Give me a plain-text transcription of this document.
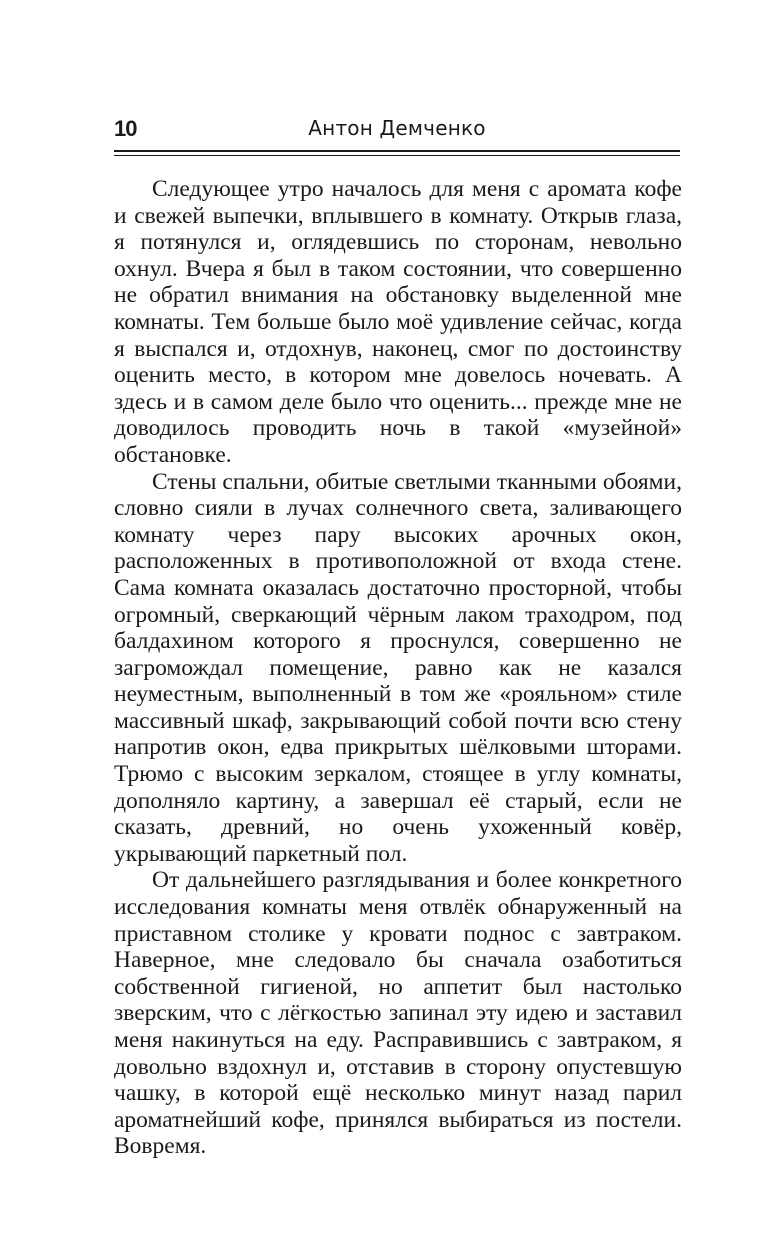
10	Антон Демченко

Следующее утро началось для меня с аромата кофе и свежей выпечки, вплывшего в комнату. Открыв глаза, я потянулся и, оглядевшись по сторонам, невольно охнул. Вчера я был в таком состоянии, что совершенно не обратил внимания на обстановку выделенной мне комнаты. Тем больше было моё удивление сейчас, когда я выспался и, отдохнув, наконец, смог по достоинству оценить место, в котором мне довелось ночевать. А здесь и в самом деле было что оценить... прежде мне не доводилось проводить ночь в такой «музейной» обстановке.

Стены спальни, обитые светлыми тканными обоями, словно сияли в лучах солнечного света, заливающего комнату через пару высоких арочных окон, расположенных в противоположной от входа стене. Сама комната оказалась достаточно просторной, чтобы огромный, сверкающий чёрным лаком траходром, под балдахином которого я проснулся, совершенно не загромождал помещение, равно как не казался неуместным, выполненный в том же «рояльном» стиле массивный шкаф, закрывающий собой почти всю стену напротив окон, едва прикрытых шёлковыми шторами. Трюмо с высоким зеркалом, стоящее в углу комнаты, дополняло картину, а завершал её старый, если не сказать, древний, но очень ухоженный ковёр, укрывающий паркетный пол.

От дальнейшего разглядывания и более конкретного исследования комнаты меня отвлёк обнаруженный на приставном столике у кровати поднос с завтраком. Наверное, мне следовало бы сначала озаботиться собственной гигиеной, но аппетит был настолько зверским, что с лёгкостью запинал эту идею и заставил меня накинуться на еду. Расправившись с завтраком, я довольно вздохнул и, отставив в сторону опустевшую чашку, в которой ещё несколько минут назад парил ароматнейший кофе, принялся выбираться из постели. Вовремя.
